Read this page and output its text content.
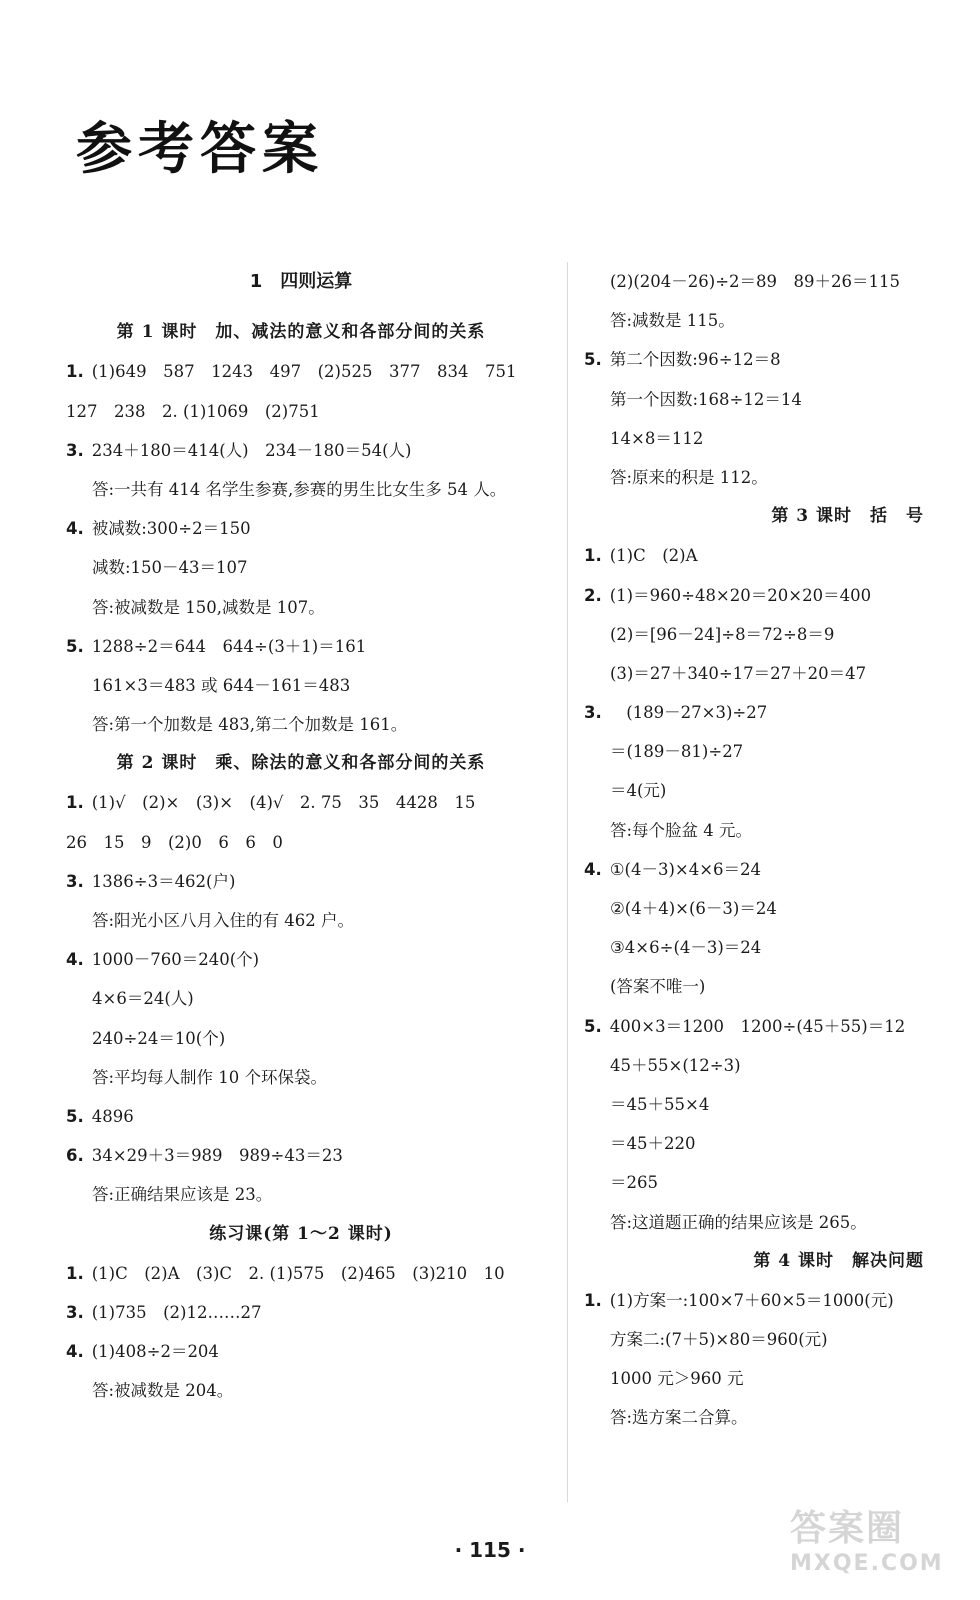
参考答案
1　四则运算
第 1 课时　加、减法的意义和各部分间的关系
1. (1)649　587　1243　497　(2)525　377　834　751
127　238　2. (1)1069　(2)751
3. 234＋180＝414(人)　234－180＝54(人)
答:一共有 414 名学生参赛,参赛的男生比女生多 54 人。
4. 被减数:300÷2＝150
减数:150－43＝107
答:被减数是 150,减数是 107。
5. 1288÷2＝644　644÷(3＋1)＝161
161×3＝483 或 644－161＝483
答:第一个加数是 483,第二个加数是 161。
第 2 课时　乘、除法的意义和各部分间的关系
1. (1)√　(2)×　(3)×　(4)√　2. 75　35　4428　15
26　15　9　(2)0　6　6　0
3. 1386÷3＝462(户)
答:阳光小区八月入住的有 462 户。
4. 1000－760＝240(个)
4×6＝24(人)
240÷24＝10(个)
答:平均每人制作 10 个环保袋。
5. 4896
6. 34×29＋3＝989　989÷43＝23
答:正确结果应该是 23。
练习课(第 1～2 课时)
1. (1)C　(2)A　(3)C　2. (1)575　(2)465　(3)210　10
3. (1)735　(2)12……27
4. (1)408÷2＝204
答:被减数是 204。
(2)(204－26)÷2＝89　89＋26＝115
答:减数是 115。
5. 第二个因数:96÷12＝8
第一个因数:168÷12＝14
14×8＝112
答:原来的积是 112。
第 3 课时　括　号
1. (1)C　(2)A
2. (1)＝960÷48×20＝20×20＝400
(2)＝[96－24]÷8＝72÷8＝9
(3)＝27＋340÷17＝27＋20＝47
3.　(189－27×3)÷27
＝(189－81)÷27
＝4(元)
答:每个脸盆 4 元。
4. ①(4－3)×4×6＝24
②(4＋4)×(6－3)＝24
③4×6÷(4－3)＝24
(答案不唯一)
5. 400×3＝1200　1200÷(45＋55)＝12
45＋55×(12÷3)
＝45＋55×4
＝45＋220
＝265
答:这道题正确的结果应该是 265。
第 4 课时　解决问题
1. (1)方案一:100×7＋60×5＝1000(元)
方案二:(7＋5)×80＝960(元)
1000 元＞960 元
答:选方案二合算。
· 115 ·
答案圈
MXQE.COM
